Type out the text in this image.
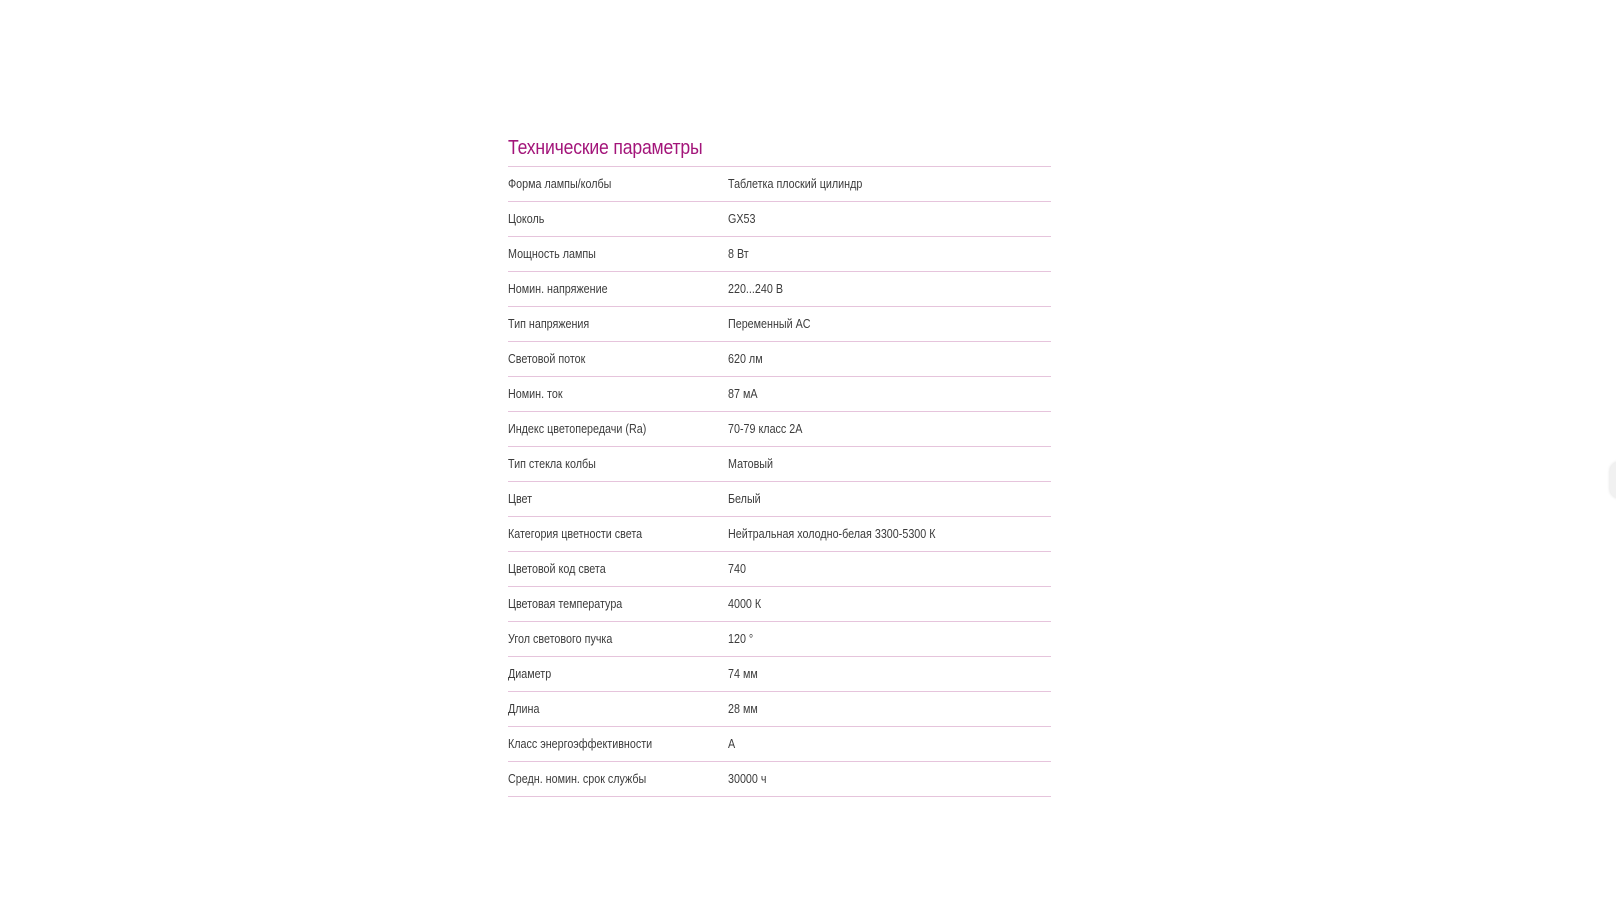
Технические параметры
Форма лампы/колбы	Таблетка плоский цилиндр
Цоколь	GX53
Мощность лампы	8 Вт
Номин. напряжение	220...240 В
Тип напряжения	Переменный AC
Световой поток	620 лм
Номин. ток	87 мА
Индекс цветопередачи (Ra)	70-79 класс 2А
Тип стекла колбы	Матовый
Цвет	Белый
Категория цветности света	Нейтральная холодно-белая 3300-5300 К
Цветовой код света	740
Цветовая температура	4000 К
Угол светового пучка	120 °
Диаметр	74 мм
Длина	28 мм
Класс энергоэффективности	A
Средн. номин. срок службы	30000 ч
